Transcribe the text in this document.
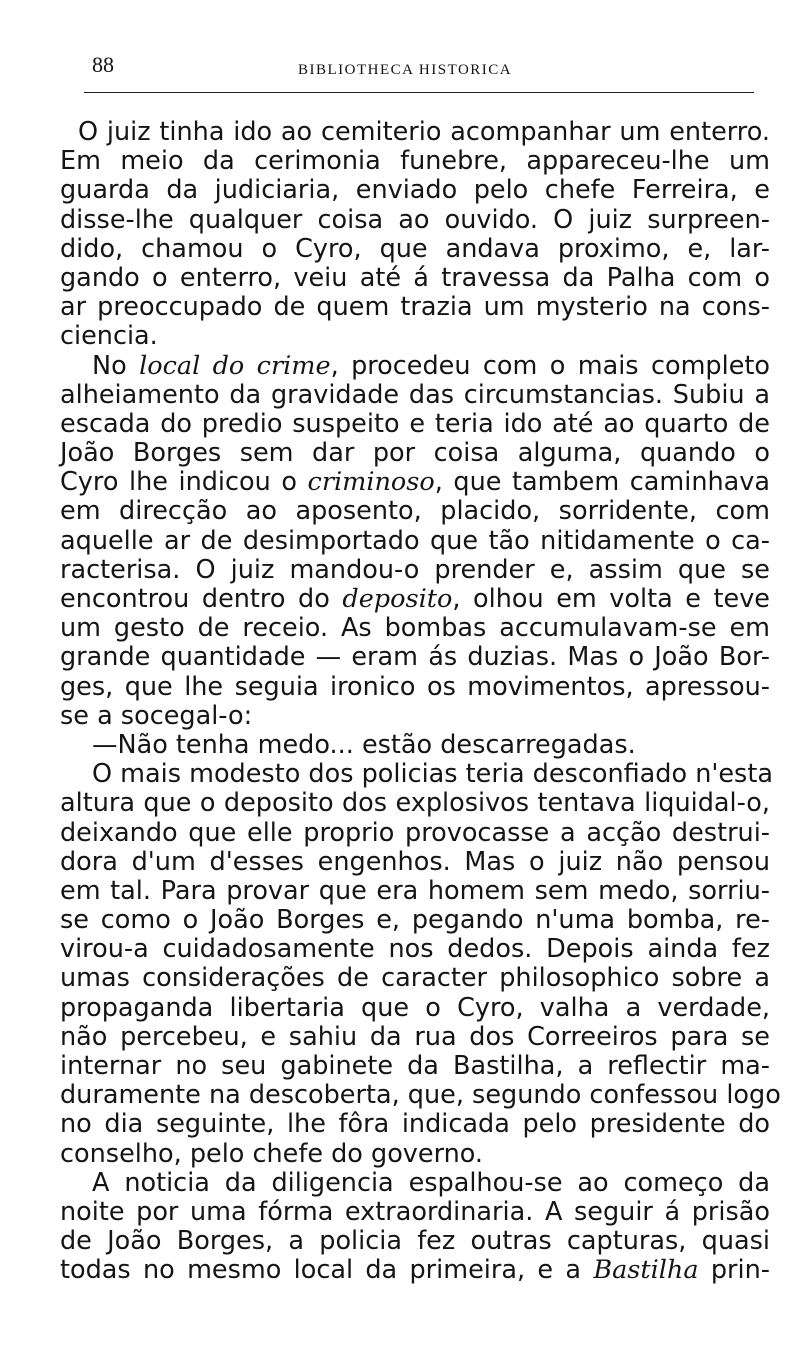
88	BIBLIOTHECA HISTORICA
O juiz tinha ido ao cemiterio acompanhar um enterro.
Em meio da cerimonia funebre, appareceu-lhe um
guarda da judiciaria, enviado pelo chefe Ferreira, e
disse-lhe qualquer coisa ao ouvido. O juiz surpreen-
dido, chamou o Cyro, que andava proximo, e, lar-
gando o enterro, veiu até á travessa da Palha com o
ar preoccupado de quem trazia um mysterio na cons-
ciencia.
No local do crime, procedeu com o mais completo
alheiamento da gravidade das circumstancias. Subiu a
escada do predio suspeito e teria ido até ao quarto de
João Borges sem dar por coisa alguma, quando o
Cyro lhe indicou o criminoso, que tambem caminhava
em direcção ao aposento, placido, sorridente, com
aquelle ar de desimportado que tão nitidamente o ca-
racterisa. O juiz mandou-o prender e, assim que se
encontrou dentro do deposito, olhou em volta e teve
um gesto de receio. As bombas accumulavam-se em
grande quantidade — eram ás duzias. Mas o João Bor-
ges, que lhe seguia ironico os movimentos, apressou-
se a socegal-o:
—Não tenha medo... estão descarregadas.
O mais modesto dos policias teria desconfiado n'esta
altura que o deposito dos explosivos tentava liquidal-o,
deixando que elle proprio provocasse a acção destrui-
dora d'um d'esses engenhos. Mas o juiz não pensou
em tal. Para provar que era homem sem medo, sorriu-
se como o João Borges e, pegando n'uma bomba, re-
virou-a cuidadosamente nos dedos. Depois ainda fez
umas considerações de caracter philosophico sobre a
propaganda libertaria que o Cyro, valha a verdade,
não percebeu, e sahiu da rua dos Correeiros para se
internar no seu gabinete da Bastilha, a reflectir ma-
duramente na descoberta, que, segundo confessou logo
no dia seguinte, lhe fôra indicada pelo presidente do
conselho, pelo chefe do governo.
A noticia da diligencia espalhou-se ao começo da
noite por uma fórma extraordinaria. A seguir á prisão
de João Borges, a policia fez outras capturas, quasi
todas no mesmo local da primeira, e a Bastilha prin-
